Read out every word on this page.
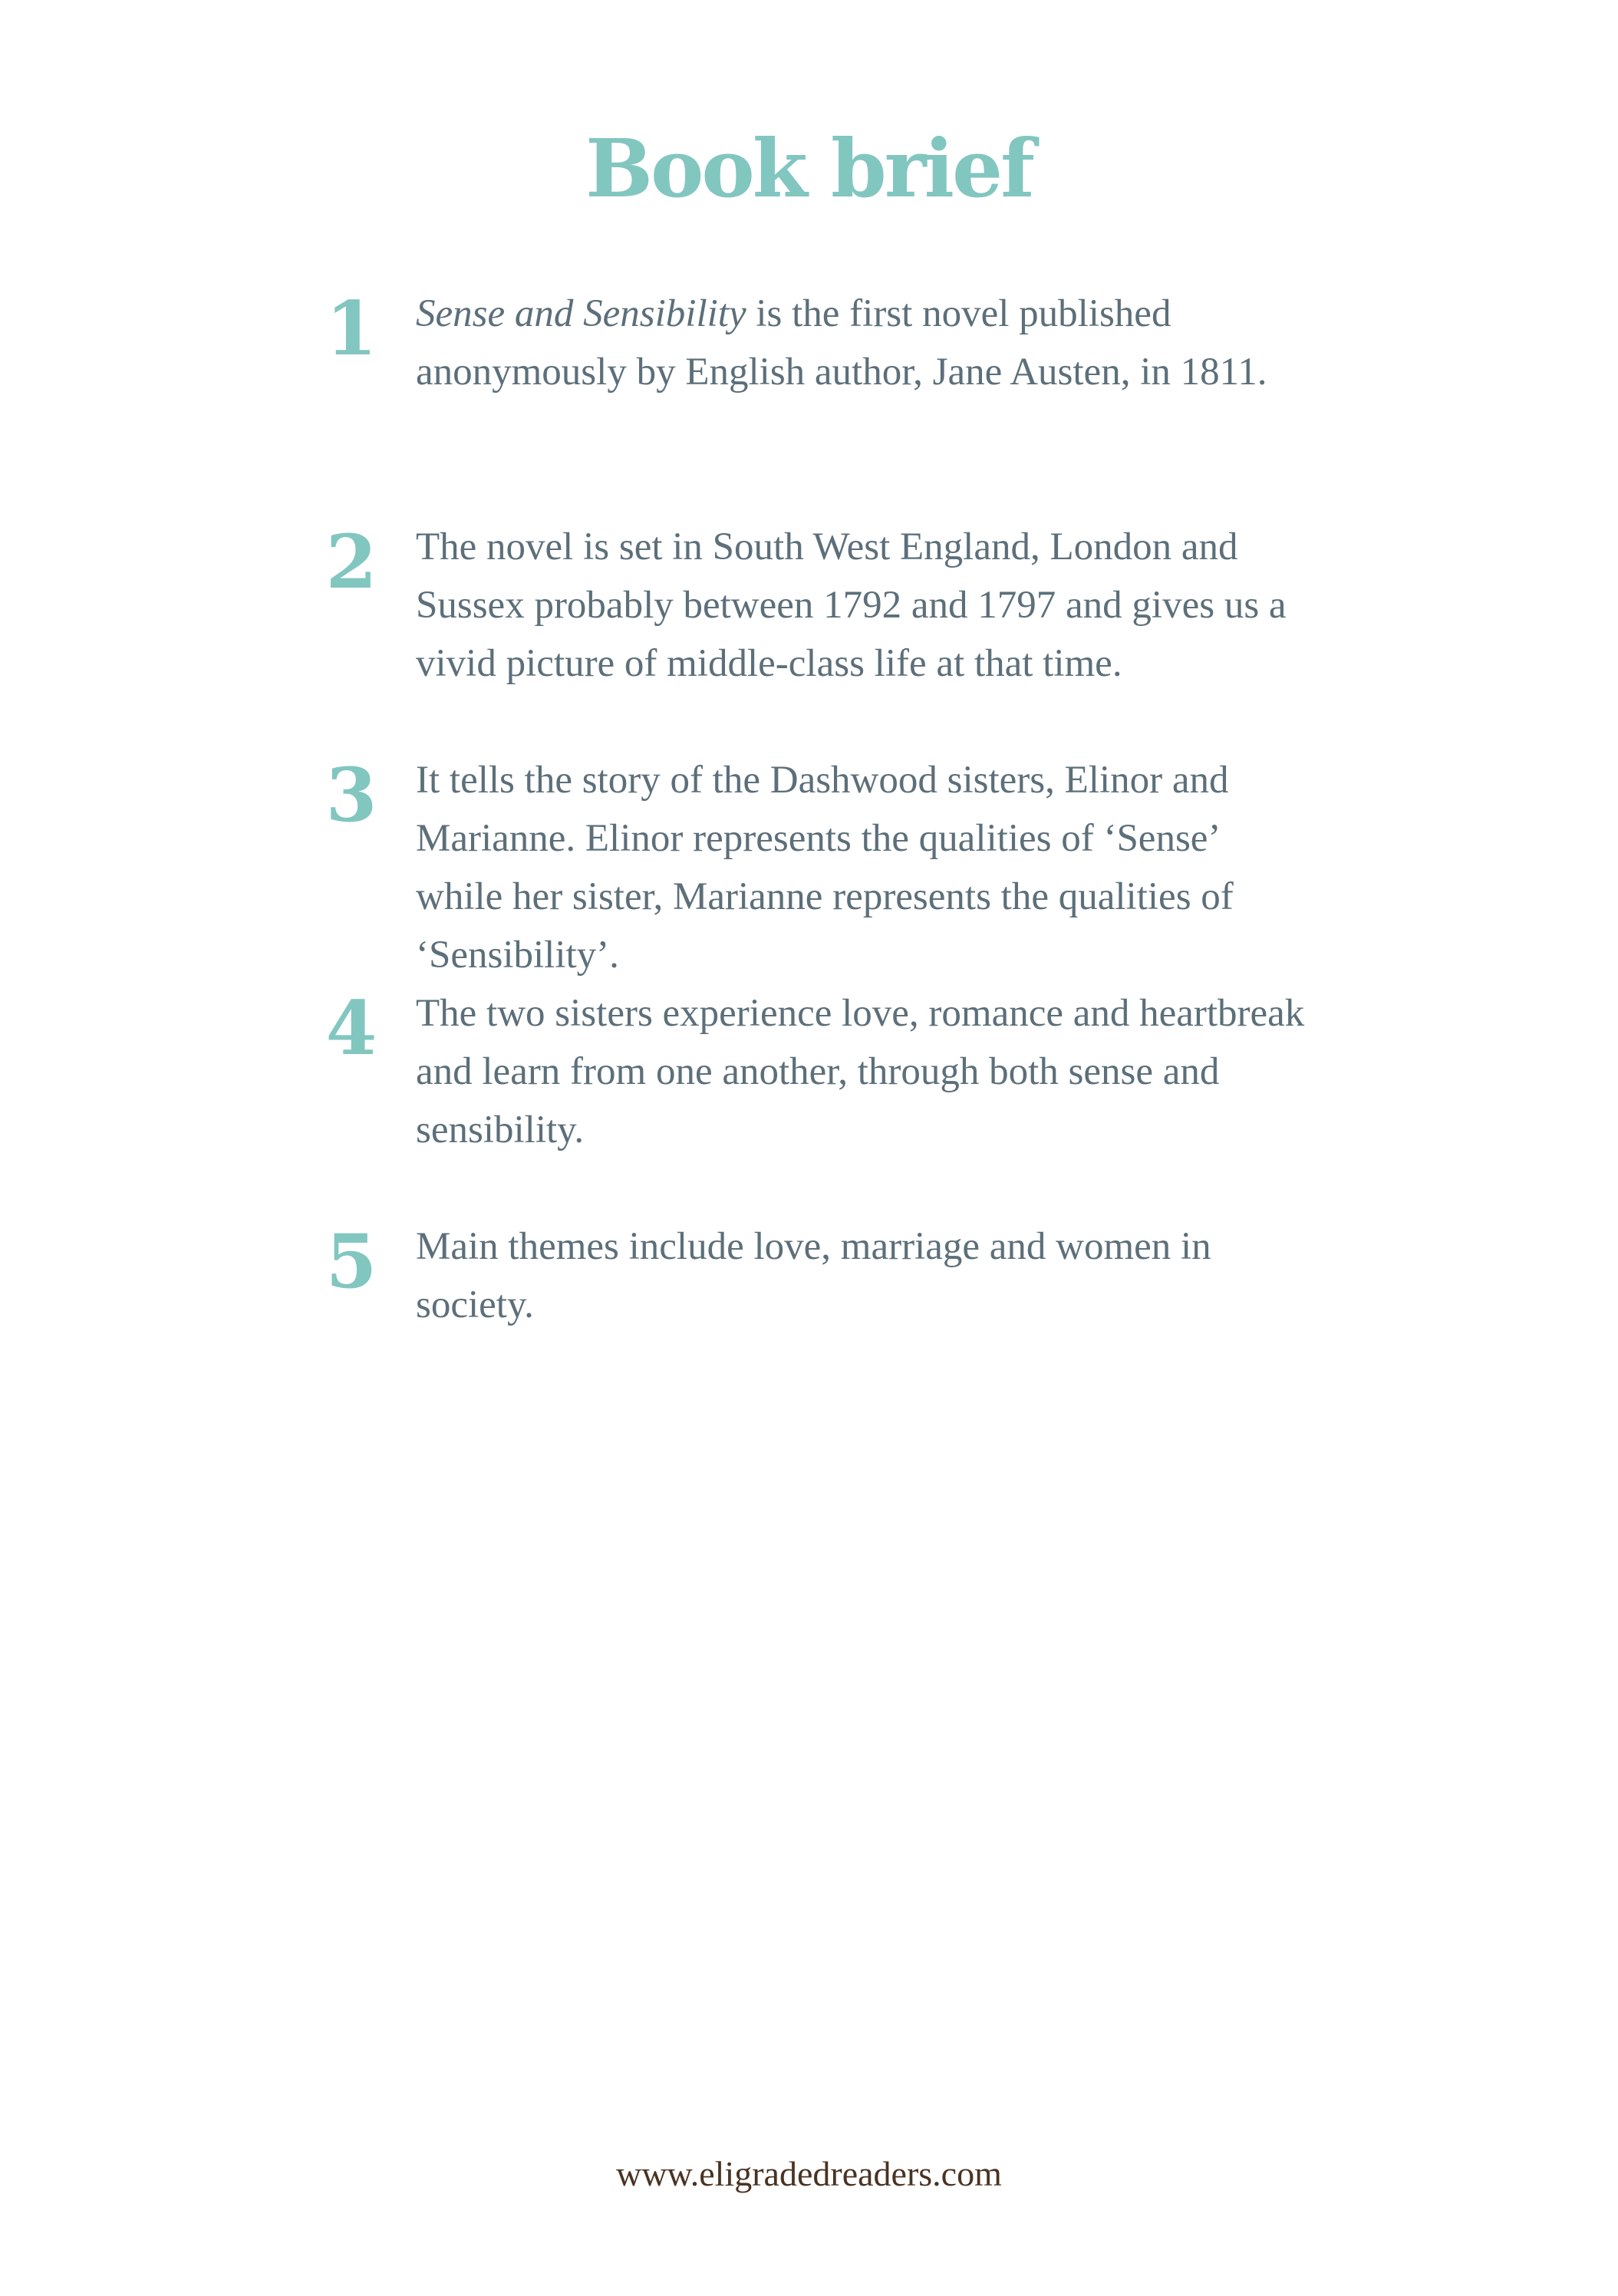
Book brief
1 Sense and Sensibility is the first novel published anonymously by English author, Jane Austen, in 1811.

2 The novel is set in South West England, London and Sussex probably between 1792 and 1797 and gives us a vivid picture of middle-class life at that time.

3 It tells the story of the Dashwood sisters, Elinor and Marianne. Elinor represents the qualities of ‘Sense’ while her sister, Marianne represents the qualities of ‘Sensibility’.

4 The two sisters experience love, romance and heartbreak and learn from one another, through both sense and sensibility.

5 Main themes include love, marriage and women in society.

www.eligradedreaders.com
